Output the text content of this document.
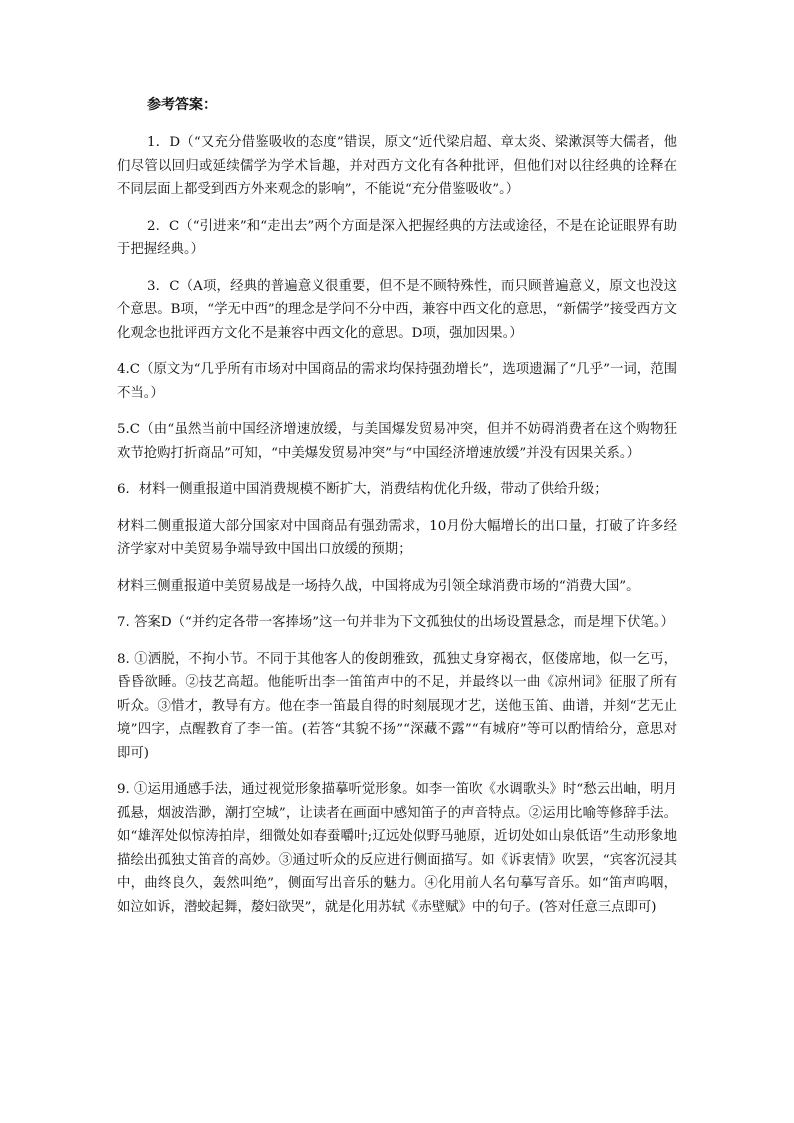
参考答案：

1．D（“又充分借鉴吸收的态度”错误，原文“近代梁启超、章太炎、梁漱溟等大儒者，他们尽管以回归或延续儒学为学术旨趣，并对西方文化有各种批评，但他们对以往经典的诠释在不同层面上都受到西方外来观念的影响”，不能说“充分借鉴吸收”。）

2．C（“引进来”和“走出去”两个方面是深入把握经典的方法或途径，不是在论证眼界有助于把握经典。）

3．C（A项，经典的普遍意义很重要，但不是不顾特殊性，而只顾普遍意义，原文也没这个意思。B项，“学无中西”的理念是学问不分中西，兼容中西文化的意思，“新儒学”接受西方文化观念也批评西方文化不是兼容中西文化的意思。D项，强加因果。）

4.C（原文为“几乎所有市场对中国商品的需求均保持强劲增长”，选项遗漏了“几乎”一词，范围不当。）

5.C（由“虽然当前中国经济增速放缓，与美国爆发贸易冲突，但并不妨碍消费者在这个购物狂欢节抢购打折商品”可知，“中美爆发贸易冲突”与“中国经济增速放缓”并没有因果关系。）

6．材料一侧重报道中国消费规模不断扩大，消费结构优化升级，带动了供给升级；

材料二侧重报道大部分国家对中国商品有强劲需求，10月份大幅增长的出口量，打破了许多经济学家对中美贸易争端导致中国出口放缓的预期；

材料三侧重报道中美贸易战是一场持久战，中国将成为引领全球消费市场的“消费大国”。

7. 答案D（“并约定各带一客捧场”这一句并非为下文孤独仗的出场设置悬念，而是埋下伏笔。）

8. ①洒脱，不拘小节。不同于其他客人的俊朗雅致，孤独丈身穿褐衣，伛偻席地，似一乞丐，昏昏欲睡。②技艺高超。他能听出李一笛笛声中的不足，并最终以一曲《凉州词》征服了所有听众。③惜才，教导有方。他在李一笛最自得的时刻展现才艺，送他玉笛、曲谱，并刻“艺无止境”四字，点醒教育了李一笛。(若答“其貌不扬”“深藏不露”“有城府”等可以酌情给分，意思对即可)

9. ①运用通感手法，通过视觉形象描摹听觉形象。如李一笛吹《水调歌头》时“愁云出岫，明月孤悬，烟波浩渺，潮打空城”，让读者在画面中感知笛子的声音特点。②运用比喻等修辞手法。如“雄浑处似惊涛拍岸，细微处如春蚕嚼叶;辽远处似野马驰原，近切处如山泉低语”生动形象地描绘出孤独丈笛音的高妙。③通过听众的反应进行侧面描写。如《诉衷情》吹罢，“宾客沉浸其中，曲终良久，轰然叫绝”，侧面写出音乐的魅力。④化用前人名句摹写音乐。如“笛声呜咽，如泣如诉，潜蛟起舞，嫠妇欲哭”，就是化用苏轼《赤壁赋》中的句子。(答对任意三点即可)
